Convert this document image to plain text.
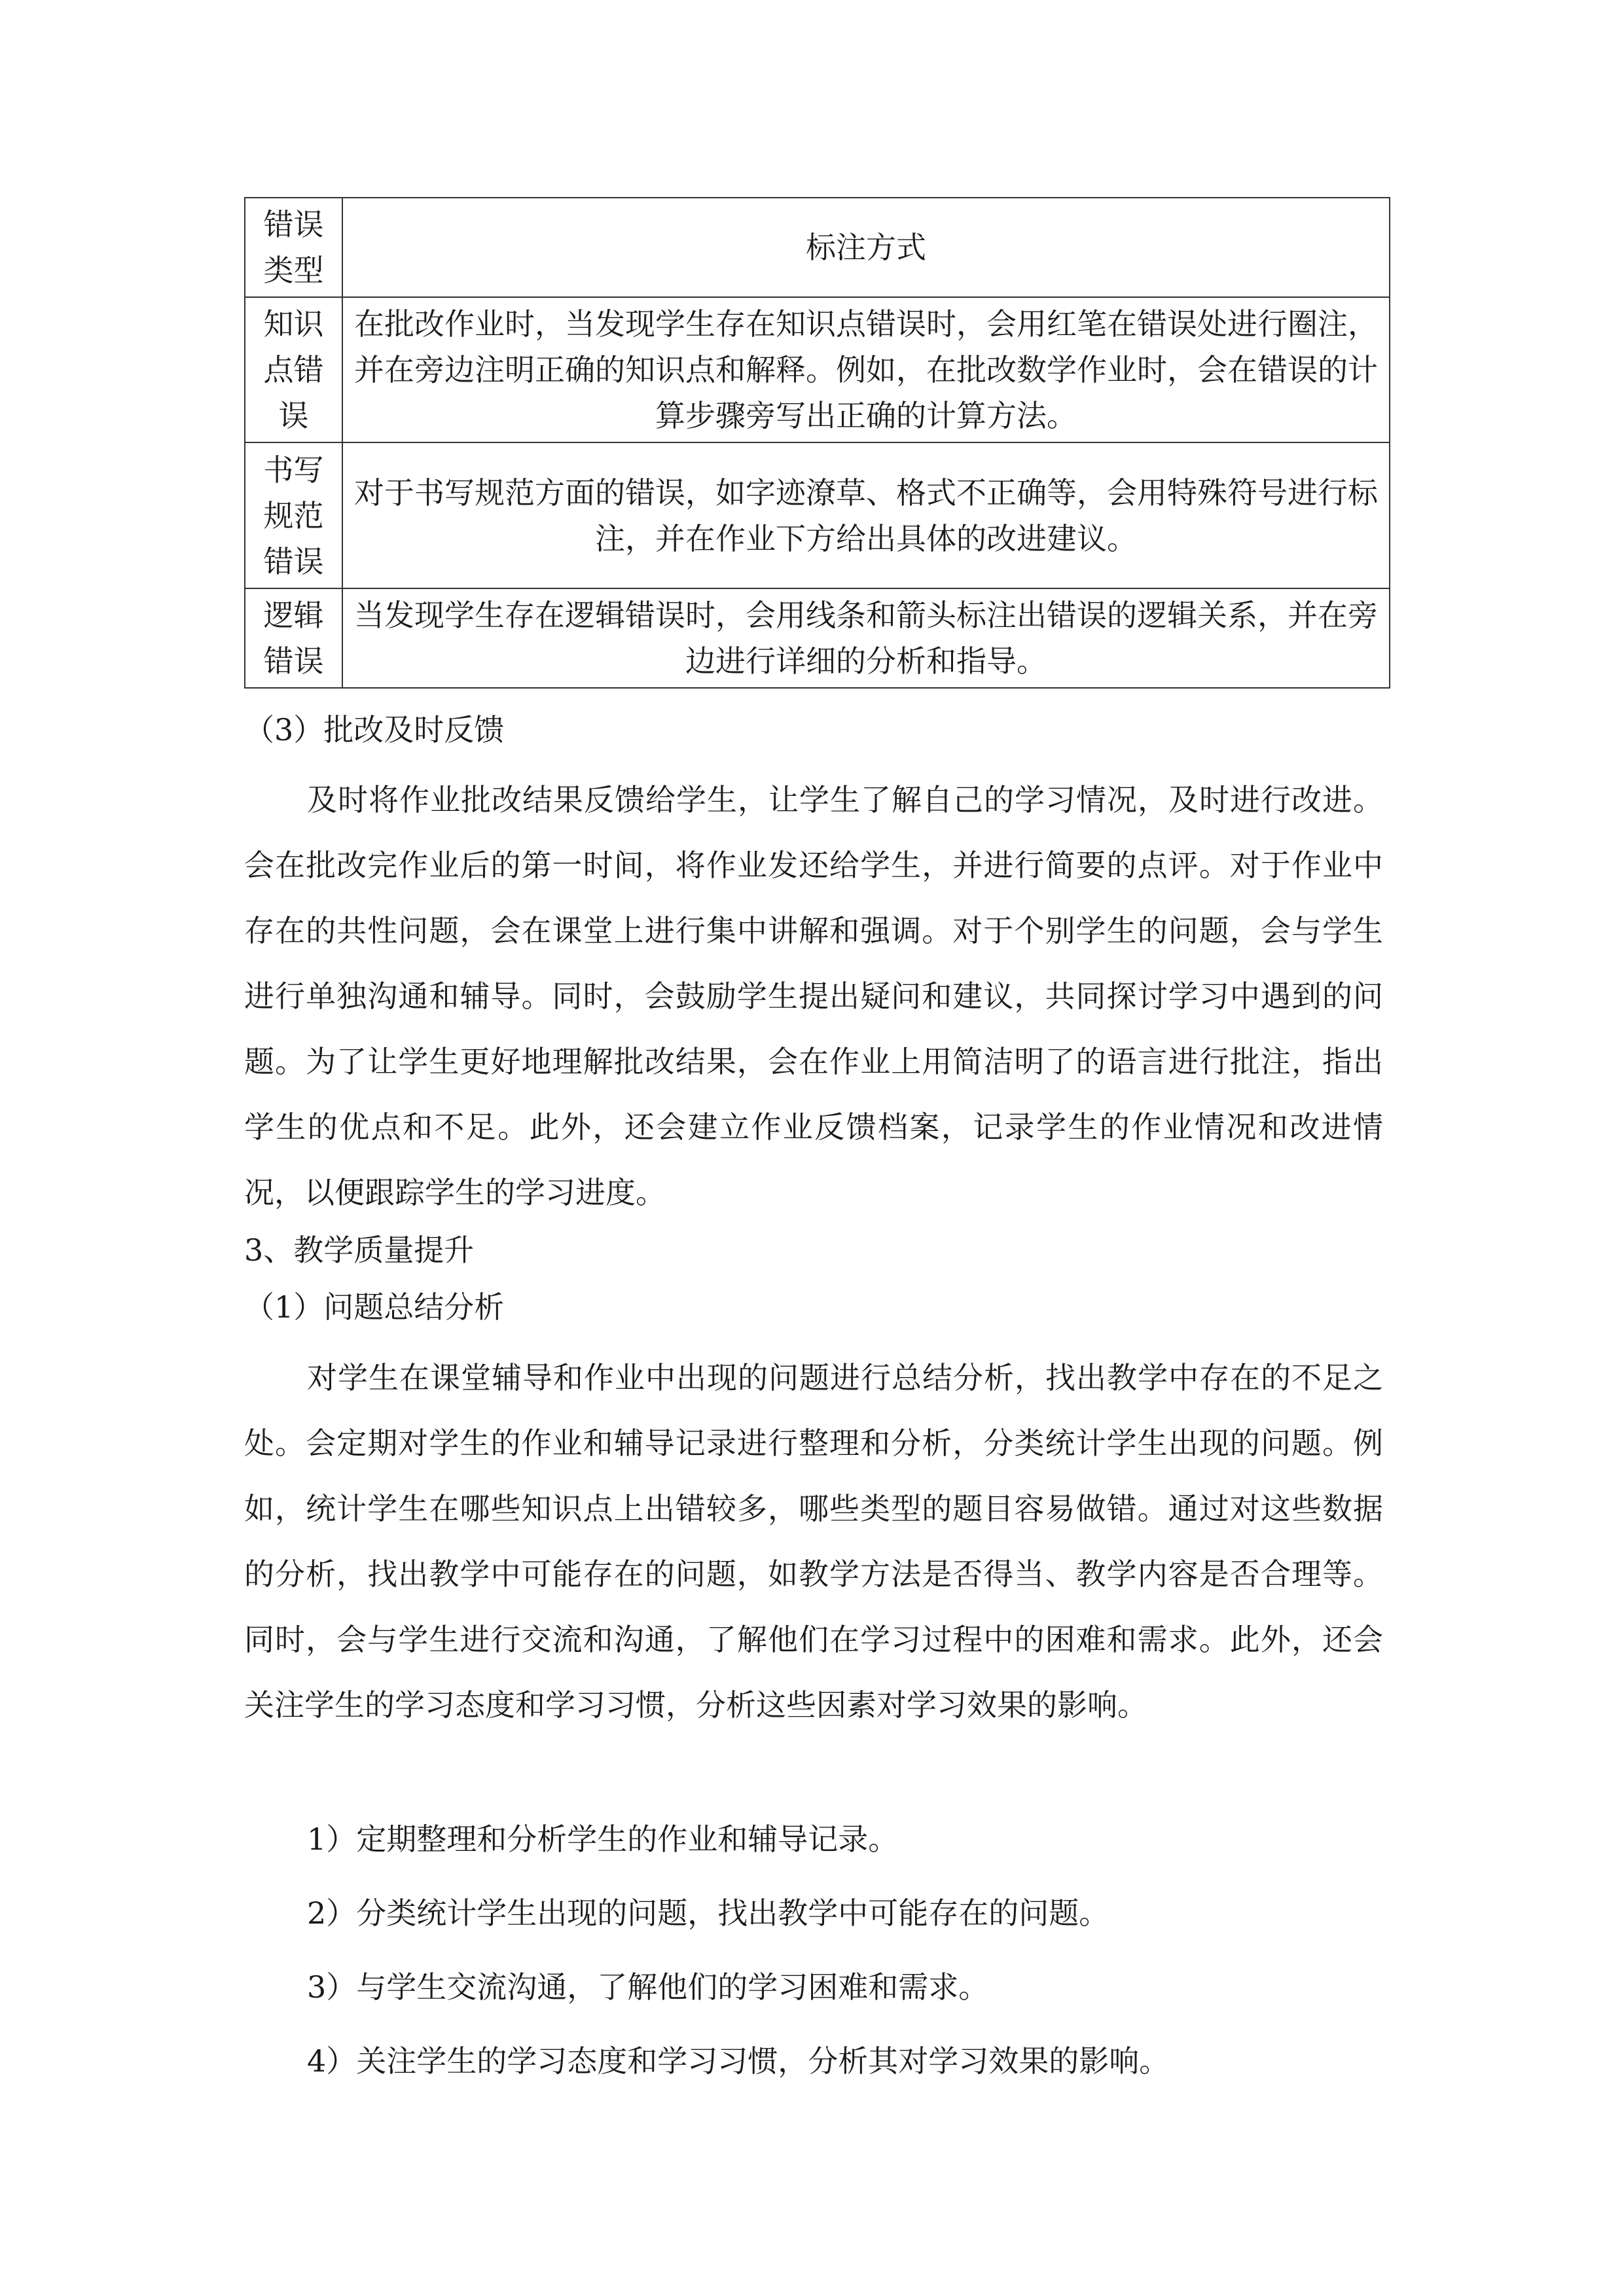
错误类型	标注方式
知识点错误	在批改作业时，当发现学生存在知识点错误时，会用红笔在错误处进行圈注，并在旁边注明正确的知识点和解释。例如，在批改数学作业时，会在错误的计算步骤旁写出正确的计算方法。
书写规范错误	对于书写规范方面的错误，如字迹潦草、格式不正确等，会用特殊符号进行标注，并在作业下方给出具体的改进建议。
逻辑错误	当发现学生存在逻辑错误时，会用线条和箭头标注出错误的逻辑关系，并在旁边进行详细的分析和指导。

（3）批改及时反馈

及时将作业批改结果反馈给学生，让学生了解自己的学习情况，及时进行改进。会在批改完作业后的第一时间，将作业发还给学生，并进行简要的点评。对于作业中存在的共性问题，会在课堂上进行集中讲解和强调。对于个别学生的问题，会与学生进行单独沟通和辅导。同时，会鼓励学生提出疑问和建议，共同探讨学习中遇到的问题。为了让学生更好地理解批改结果，会在作业上用简洁明了的语言进行批注，指出学生的优点和不足。此外，还会建立作业反馈档案，记录学生的作业情况和改进情况，以便跟踪学生的学习进度。

3、教学质量提升

（1）问题总结分析

对学生在课堂辅导和作业中出现的问题进行总结分析，找出教学中存在的不足之处。会定期对学生的作业和辅导记录进行整理和分析，分类统计学生出现的问题。例如，统计学生在哪些知识点上出错较多，哪些类型的题目容易做错。通过对这些数据的分析，找出教学中可能存在的问题，如教学方法是否得当、教学内容是否合理等。同时，会与学生进行交流和沟通，了解他们在学习过程中的困难和需求。此外，还会关注学生的学习态度和学习习惯，分析这些因素对学习效果的影响。

1）定期整理和分析学生的作业和辅导记录。

2）分类统计学生出现的问题，找出教学中可能存在的问题。

3）与学生交流沟通，了解他们的学习困难和需求。

4）关注学生的学习态度和学习习惯，分析其对学习效果的影响。
